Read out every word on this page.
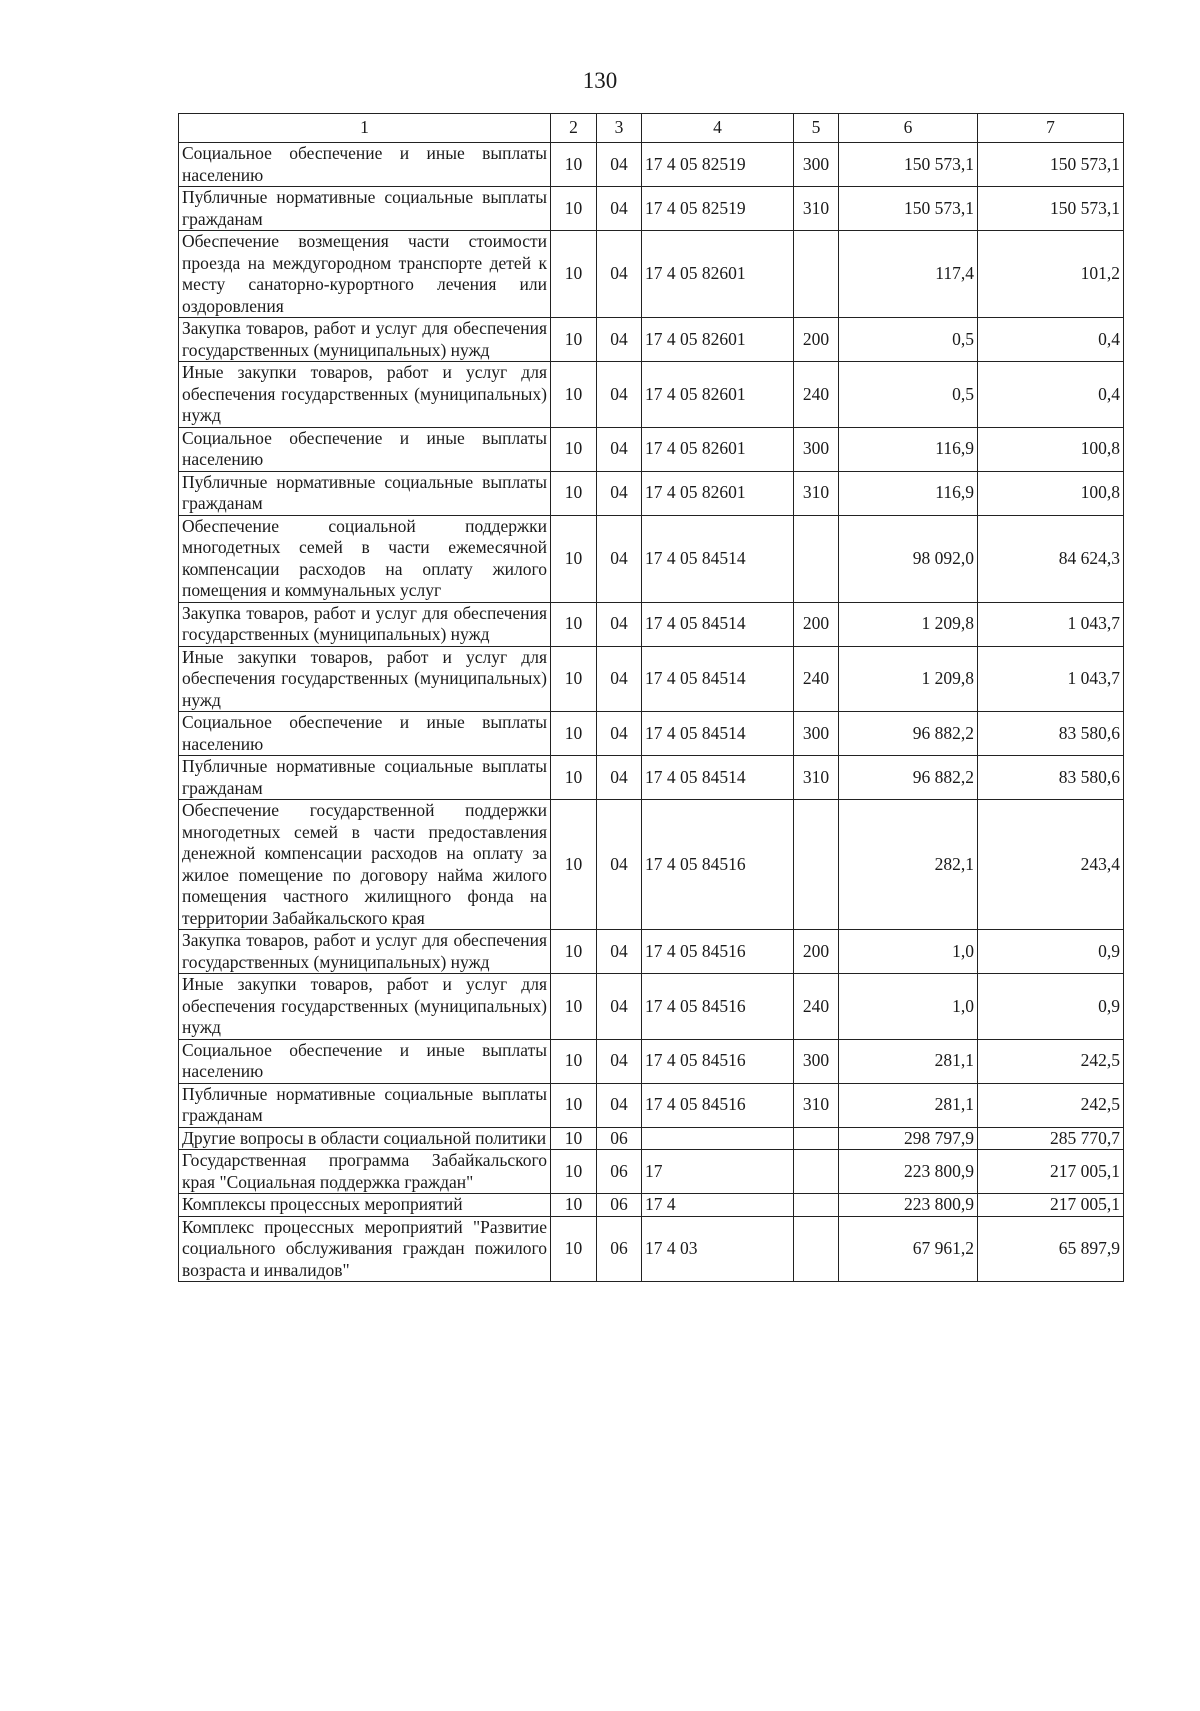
130
1	2	3	4	5	6	7
Социальное обеспечение и иные выплаты населению	10	04	17 4 05 82519	300	150 573,1	150 573,1
Публичные нормативные социальные выплаты гражданам	10	04	17 4 05 82519	310	150 573,1	150 573,1
Обеспечение возмещения части стоимости проезда на междугородном транспорте детей к месту санаторно-курортного лечения или оздоровления	10	04	17 4 05 82601		117,4	101,2
Закупка товаров, работ и услуг для обеспечения государственных (муниципальных) нужд	10	04	17 4 05 82601	200	0,5	0,4
Иные закупки товаров, работ и услуг для обеспечения государственных (муниципальных) нужд	10	04	17 4 05 82601	240	0,5	0,4
Социальное обеспечение и иные выплаты населению	10	04	17 4 05 82601	300	116,9	100,8
Публичные нормативные социальные выплаты гражданам	10	04	17 4 05 82601	310	116,9	100,8
Обеспечение социальной поддержки многодетных семей в части ежемесячной компенсации расходов на оплату жилого помещения и коммунальных услуг	10	04	17 4 05 84514		98 092,0	84 624,3
Закупка товаров, работ и услуг для обеспечения государственных (муниципальных) нужд	10	04	17 4 05 84514	200	1 209,8	1 043,7
Иные закупки товаров, работ и услуг для обеспечения государственных (муниципальных) нужд	10	04	17 4 05 84514	240	1 209,8	1 043,7
Социальное обеспечение и иные выплаты населению	10	04	17 4 05 84514	300	96 882,2	83 580,6
Публичные нормативные социальные выплаты гражданам	10	04	17 4 05 84514	310	96 882,2	83 580,6
Обеспечение государственной поддержки многодетных семей в части предоставления денежной компенсации расходов на оплату за жилое помещение по договору найма жилого помещения частного жилищного фонда на территории Забайкальского края	10	04	17 4 05 84516		282,1	243,4
Закупка товаров, работ и услуг для обеспечения государственных (муниципальных) нужд	10	04	17 4 05 84516	200	1,0	0,9
Иные закупки товаров, работ и услуг для обеспечения государственных (муниципальных) нужд	10	04	17 4 05 84516	240	1,0	0,9
Социальное обеспечение и иные выплаты населению	10	04	17 4 05 84516	300	281,1	242,5
Публичные нормативные социальные выплаты гражданам	10	04	17 4 05 84516	310	281,1	242,5
Другие вопросы в области социальной политики	10	06			298 797,9	285 770,7
Государственная программа Забайкальского края "Социальная поддержка граждан"	10	06	17		223 800,9	217 005,1
Комплексы процессных мероприятий	10	06	17 4		223 800,9	217 005,1
Комплекс процессных мероприятий "Развитие социального обслуживания граждан пожилого возраста и инвалидов"	10	06	17 4 03		67 961,2	65 897,9
